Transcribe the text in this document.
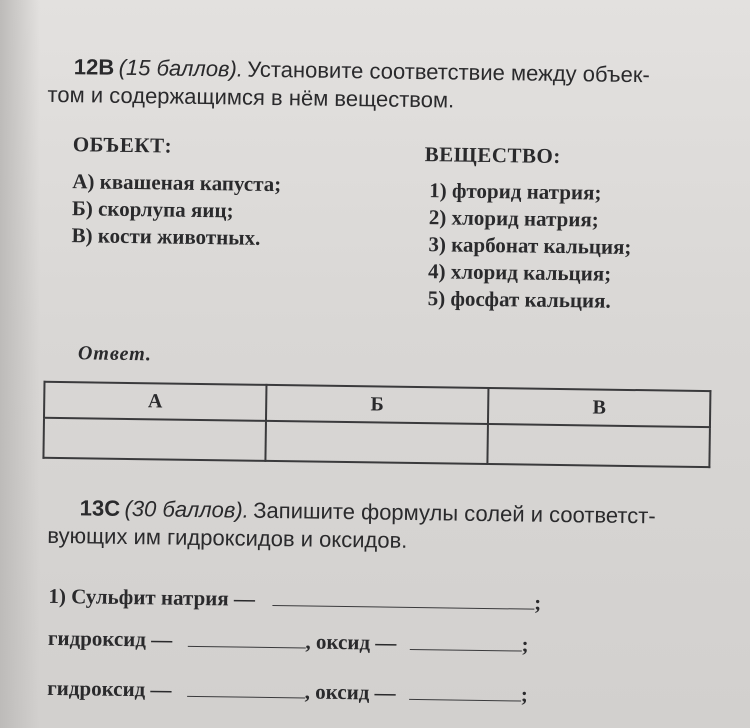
12В (15 баллов). Установите соответствие между объек-
том и содержащимся в нём веществом.
ОБЪЕКТ:	ВЕЩЕСТВО:
А) квашеная капуста;
Б) скорлупа яиц;
В) кости животных.
1) фторид натрия;
2) хлорид натрия;
3) карбонат кальция;
4) хлорид кальция;
5) фосфат кальция.
Ответ.
А	Б	В

13С (30 баллов). Запишите формулы солей и соответст-
вующих им гидроксидов и оксидов.
1) Сульфит натрия —	;
гидроксид —	, оксид —	;
гидроксид —	, оксид —	;
